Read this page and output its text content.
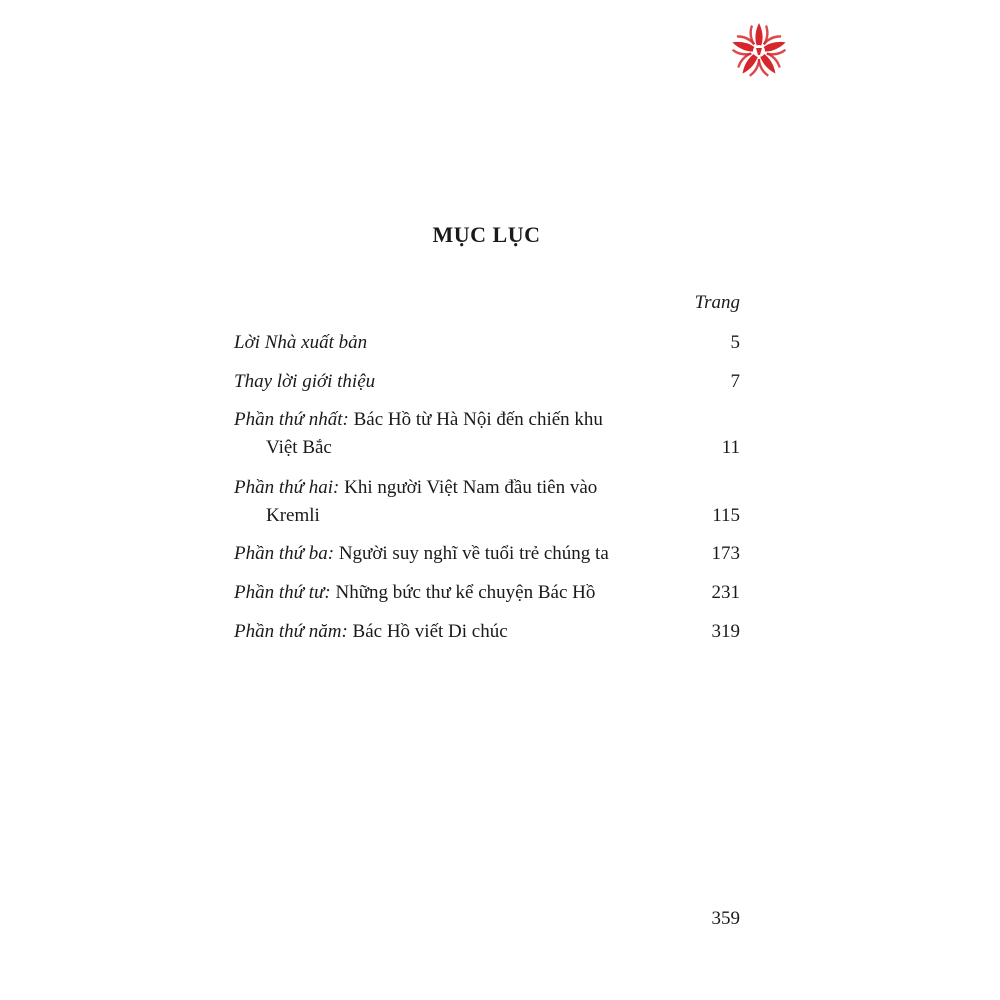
MỤC LỤC
Trang
Lời Nhà xuất bản	5
Thay lời giới thiệu	7
Phần thứ nhất: Bác Hồ từ Hà Nội đến chiến khu
Việt Bắc	11
Phần thứ hai: Khi người Việt Nam đầu tiên vào
Kremli	115
Phần thứ ba: Người suy nghĩ về tuổi trẻ chúng ta	173
Phần thứ tư: Những bức thư kể chuyện Bác Hồ	231
Phần thứ năm: Bác Hồ viết Di chúc	319
359
